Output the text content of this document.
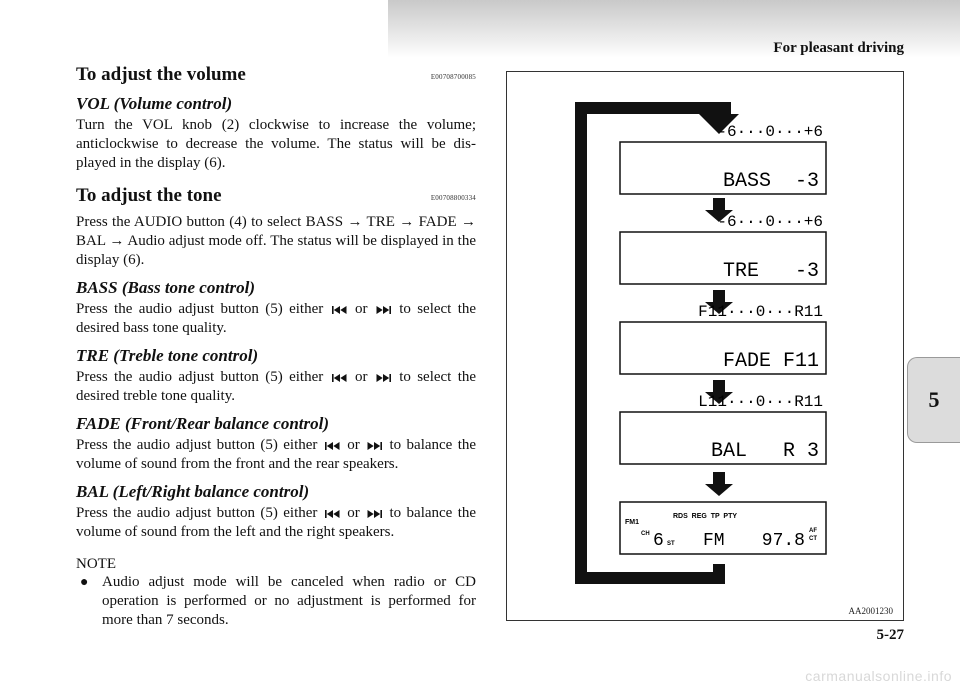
For pleasant driving
5
To adjust the volume	E00708700085
VOL (Volume control)

Turn the VOL knob (2) clockwise to increase the volume; anticlockwise to decrease the volume. The status will be dis-played in the display (6).

To adjust the tone	E00708800334

Press the AUDIO button (4) to select BASS → TRE → FADE → BAL → Audio adjust mode off. The status will be displayed in the display (6).

BASS (Bass tone control)

Press the audio adjust button (5) either or to select the desired bass tone quality.

TRE (Treble tone control)

Press the audio adjust button (5) either or to select the desired treble tone quality.

FADE (Front/Rear balance control)

Press the audio adjust button (5) either or to balance the volume of sound from the front and the rear speakers.

BAL (Left/Right balance control)

Press the audio adjust button (5) either or to balance the volume of sound from the left and the right speakers.

NOTE
● Audio adjust mode will be canceled when radio or CD operation is performed or no adjustment is performed for more than 7 seconds.
-6···0···+6
-6···0···+6
F11···0···R11
L11···0···R11
BASS  -3
TRE   -3
FADE F11
BAL   R 3
FM1
CH 6 ST
RDS  REG  TP  PTY
FM 97.8 AF
CT
AA2001230
5-27
carmanualsonline.info
